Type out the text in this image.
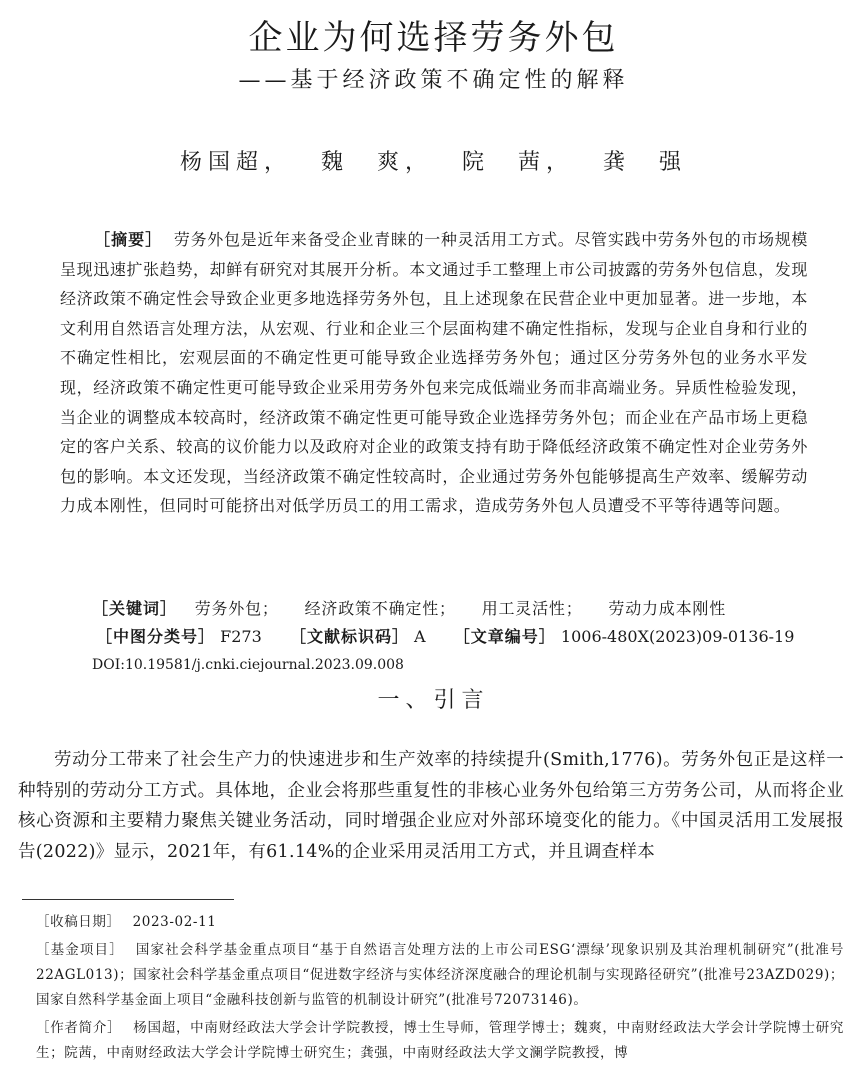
企业为何选择劳务外包
——基于经济政策不确定性的解释
杨国超， 魏　爽， 院　茜， 龚　强
［摘要］ 劳务外包是近年来备受企业青睐的一种灵活用工方式。尽管实践中劳务外包的市场规模呈现迅速扩张趋势，却鲜有研究对其展开分析。本文通过手工整理上市公司披露的劳务外包信息，发现经济政策不确定性会导致企业更多地选择劳务外包，且上述现象在民营企业中更加显著。进一步地，本文利用自然语言处理方法，从宏观、行业和企业三个层面构建不确定性指标，发现与企业自身和行业的不确定性相比，宏观层面的不确定性更可能导致企业选择劳务外包；通过区分劳务外包的业务水平发现，经济政策不确定性更可能导致企业采用劳务外包来完成低端业务而非高端业务。异质性检验发现，当企业的调整成本较高时，经济政策不确定性更可能导致企业选择劳务外包；而企业在产品市场上更稳定的客户关系、较高的议价能力以及政府对企业的政策支持有助于降低经济政策不确定性对企业劳务外包的影响。本文还发现，当经济政策不确定性较高时，企业通过劳务外包能够提高生产效率、缓解劳动力成本刚性，但同时可能挤出对低学历员工的用工需求，造成劳务外包人员遭受不平等待遇等问题。
［关键词］ 劳务外包； 经济政策不确定性； 用工灵活性； 劳动力成本刚性
［中图分类号］ F273 ［文献标识码］ A ［文章编号］ 1006-480X(2023)09-0136-19
DOI:10.19581/j.cnki.ciejournal.2023.09.008
一、引言
劳动分工带来了社会生产力的快速进步和生产效率的持续提升(Smith,1776)。劳务外包正是这样一种特别的劳动分工方式。具体地，企业会将那些重复性的非核心业务外包给第三方劳务公司，从而将企业核心资源和主要精力聚焦关键业务活动，同时增强企业应对外部环境变化的能力。《中国灵活用工发展报告(2022)》显示，2021年，有61.14%的企业采用灵活用工方式，并且调查样本
［收稿日期］ 2023-02-11
［基金项目］ 国家社会科学基金重点项目“基于自然语言处理方法的上市公司ESG‘漂绿’现象识别及其治理机制研究”(批准号22AGL013)；国家社会科学基金重点项目“促进数字经济与实体经济深度融合的理论机制与实现路径研究”(批准号23AZD029)；国家自然科学基金面上项目“金融科技创新与监管的机制设计研究”(批准号72073146)。
［作者简介］ 杨国超，中南财经政法大学会计学院教授，博士生导师，管理学博士；魏爽，中南财经政法大学会计学院博士研究生；院茜，中南财经政法大学会计学院博士研究生；龚强，中南财经政法大学文澜学院教授，博
